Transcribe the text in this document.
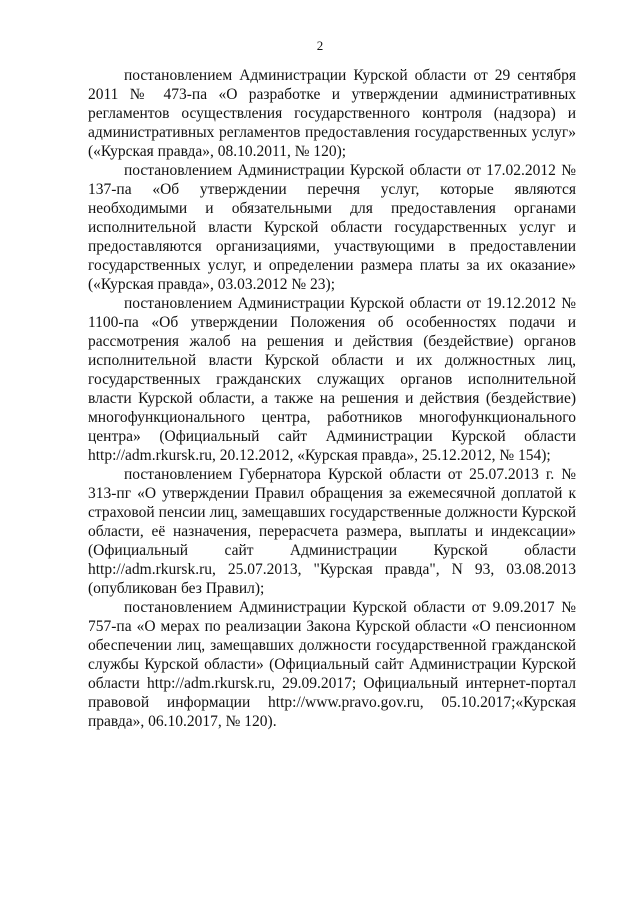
2

постановлением Администрации Курской области от 29 сентября 2011 № 473-па «О разработке и утверждении административных регламентов осуществления государственного контроля (надзора) и административных регламентов предоставления государственных услуг» («Курская правда», 08.10.2011, № 120);

постановлением Администрации Курской области от 17.02.2012 № 137-па «Об утверждении перечня услуг, которые являются необходимыми и обязательными для предоставления органами исполнительной власти Курской области государственных услуг и предоставляются организациями, участвующими в предоставлении государственных услуг, и определении размера платы за их оказание» («Курская правда», 03.03.2012 № 23);

постановлением Администрации Курской области от 19.12.2012 № 1100-па «Об утверждении Положения об особенностях подачи и рассмотрения жалоб на решения и действия (бездействие) органов исполнительной власти Курской области и их должностных лиц, государственных гражданских служащих органов исполнительной власти Курской области, а также на решения и действия (бездействие) многофункционального центра, работников многофункционального центра» (Официальный сайт Администрации Курской области http://adm.rkursk.ru, 20.12.2012, «Курская правда», 25.12.2012, № 154);

постановлением Губернатора Курской области от 25.07.2013 г. № 313-пг «О утверждении Правил обращения за ежемесячной доплатой к страховой пенсии лиц, замещавших государственные должности Курской области, её назначения, перерасчета размера, выплаты и индексации» (Официальный сайт Администрации Курской области http://adm.rkursk.ru, 25.07.2013, "Курская правда", N 93, 03.08.2013 (опубликован без Правил);

постановлением Администрации Курской области от 9.09.2017 № 757-па «О мерах по реализации Закона Курской области «О пенсионном обеспечении лиц, замещавших должности государственной гражданской службы Курской области» (Официальный сайт Администрации Курской области http://adm.rkursk.ru, 29.09.2017; Официальный интернет-портал правовой информации http://www.pravo.gov.ru, 05.10.2017;«Курская правда», 06.10.2017, № 120).
